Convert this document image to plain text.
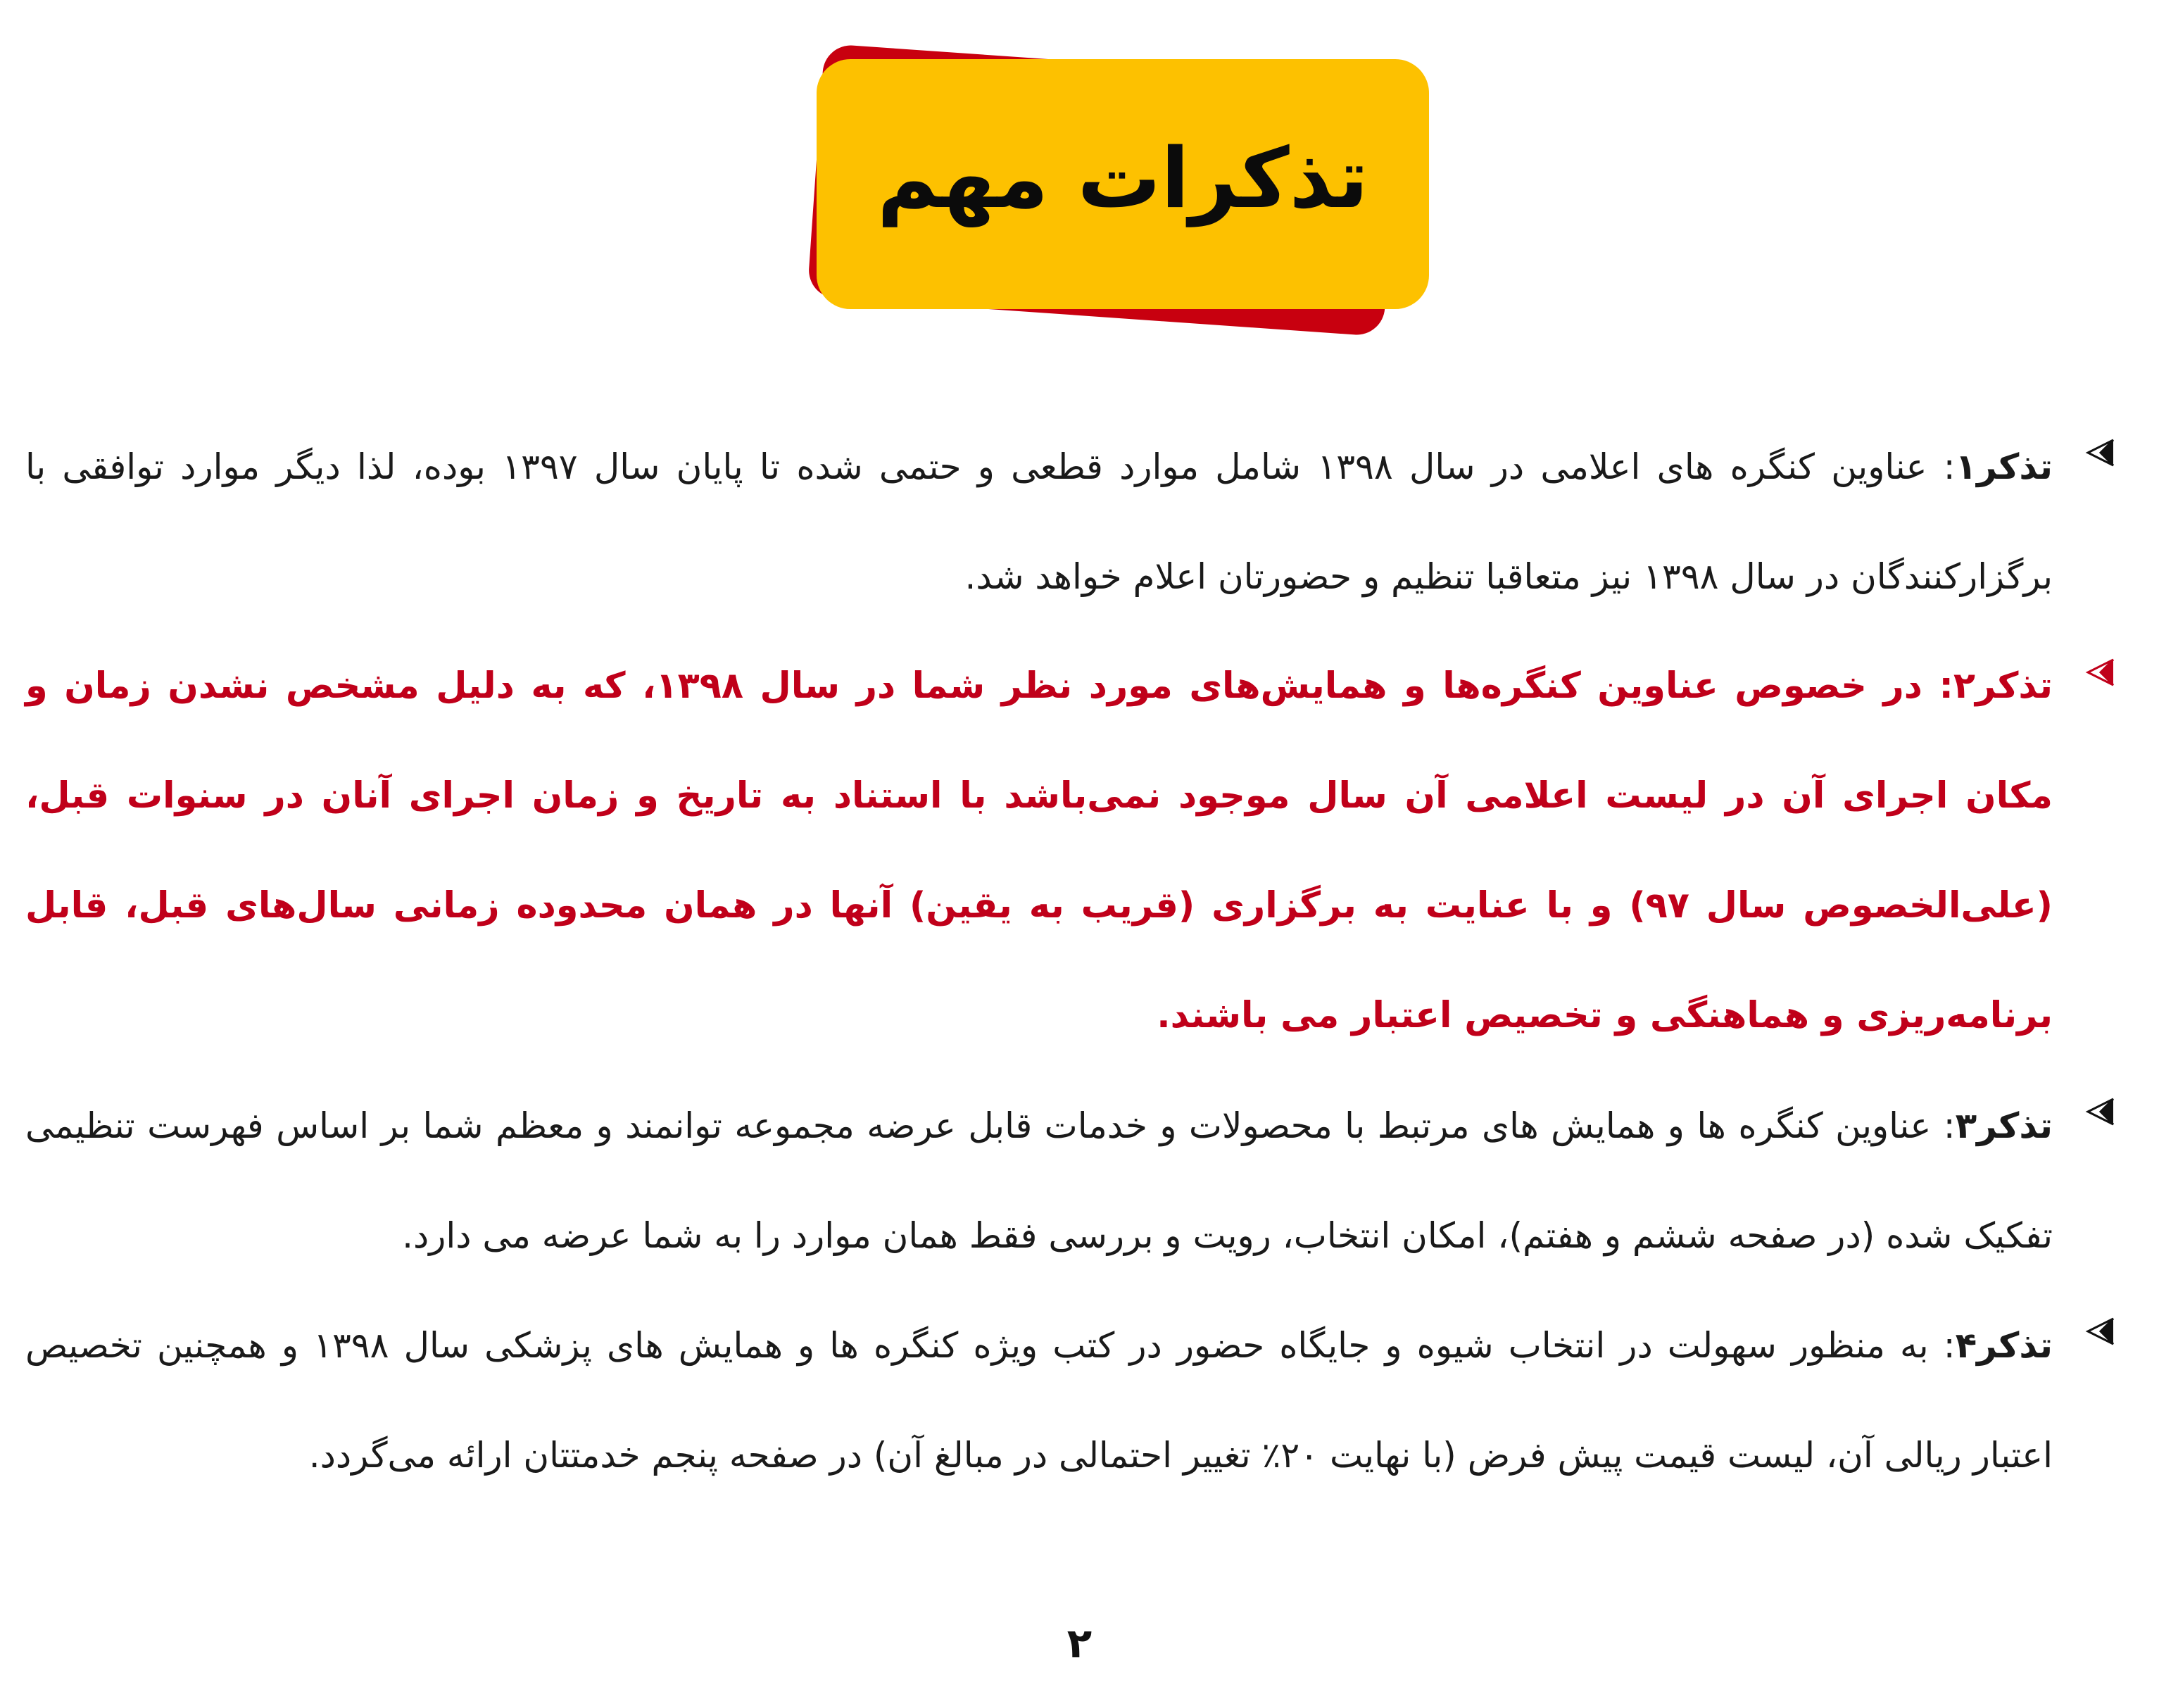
تذکرات مهم

تذکر۱: عناوین کنگره های اعلامی در سال ۱۳۹۸ شامل موارد قطعی و حتمی شده تا پایان سال ۱۳۹۷ بوده، لذا دیگر موارد توافقی با برگزارکنندگان در سال ۱۳۹۸ نیز متعاقبا تنظیم و حضورتان اعلام خواهد شد.

تذکر۲: در خصوص عناوین کنگره‌ها و همایش‌های مورد نظر شما در سال ۱۳۹۸، که به دلیل مشخص نشدن زمان و مکان اجرای آن در لیست اعلامی آن سال موجود نمی‌باشد با استناد به تاریخ و زمان اجرای آنان در سنوات قبل، (علی‌الخصوص سال ۹۷) و با عنایت به برگزاری (قریب به یقین) آنها در همان محدوده زمانی سال‌های قبل، قابل برنامه‌ریزی و هماهنگی و تخصیص اعتبار می باشند.

تذکر۳: عناوین کنگره ها و همایش های مرتبط با محصولات و خدمات قابل عرضه مجموعه توانمند و معظم شما بر اساس فهرست تنظیمی تفکیک شده (در صفحه ششم و هفتم)، امکان انتخاب، رویت و بررسی فقط همان موارد را به شما عرضه می دارد.

تذکر۴: به منظور سهولت در انتخاب شیوه و جایگاه حضور در کتب ویژه کنگره ها و همایش های پزشکی سال ۱۳۹۸ و همچنین تخصیص اعتبار ریالی آن، لیست قیمت پیش فرض (با نهایت ۲۰٪ تغییر احتمالی در مبالغ آن) در صفحه پنجم خدمتتان ارائه می‌گردد.

۲
